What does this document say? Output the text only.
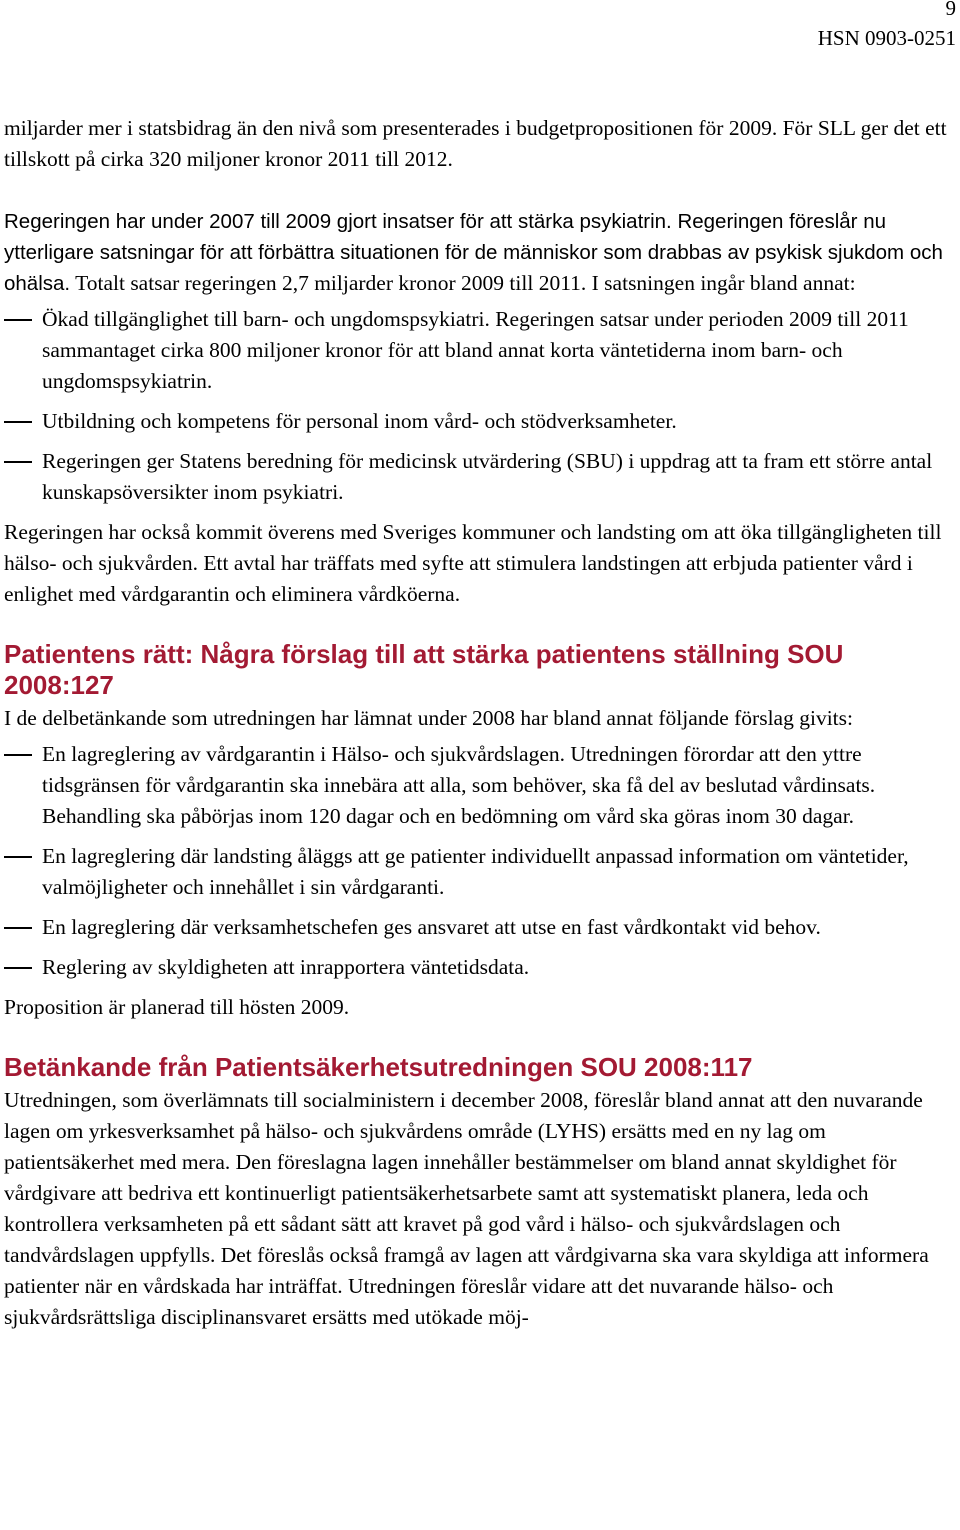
9
HSN 0903-0251

miljarder mer i statsbidrag än den nivå som presenterades i budgetpropositionen för 2009. För SLL ger det ett tillskott på cirka 320 miljoner kronor 2011 till 2012.

Regeringen har under 2007 till 2009 gjort insatser för att stärka psykiatrin. Regeringen föreslår nu ytterligare satsningar för att förbättra situationen för de människor som drabbas av psykisk sjukdom och ohälsa. Totalt satsar regeringen 2,7 miljarder kronor 2009 till 2011. I satsningen ingår bland annat:

Ökad tillgänglighet till barn- och ungdomspsykiatri. Regeringen satsar under perioden 2009 till 2011 sammantaget cirka 800 miljoner kronor för att bland annat korta väntetiderna inom barn- och ungdomspsykiatrin.
Utbildning och kompetens för personal inom vård- och stödverksamheter.
Regeringen ger Statens beredning för medicinsk utvärdering (SBU) i uppdrag att ta fram ett större antal kunskapsöversikter inom psykiatri.

Regeringen har också kommit överens med Sveriges kommuner och landsting om att öka tillgängligheten till hälso- och sjukvården. Ett avtal har träffats med syfte att stimulera landstingen att erbjuda patienter vård i enlighet med vårdgarantin och eliminera vårdköerna.

Patientens rätt: Några förslag till att stärka patientens ställning SOU 2008:127

I de delbetänkande som utredningen har lämnat under 2008 har bland annat följande förslag givits:

En lagreglering av vårdgarantin i Hälso- och sjukvårdslagen. Utredningen förordar att den yttre tidsgränsen för vårdgarantin ska innebära att alla, som behöver, ska få del av beslutad vårdinsats. Behandling ska påbörjas inom 120 dagar och en bedömning om vård ska göras inom 30 dagar.
En lagreglering där landsting åläggs att ge patienter individuellt anpassad information om väntetider, valmöjligheter och innehållet i sin vårdgaranti.
En lagreglering där verksamhetschefen ges ansvaret att utse en fast vårdkontakt vid behov.
Reglering av skyldigheten att inrapportera väntetidsdata.

Proposition är planerad till hösten 2009.

Betänkande från Patientsäkerhetsutredningen SOU 2008:117

Utredningen, som överlämnats till socialministern i december 2008, föreslår bland annat att den nuvarande lagen om yrkesverksamhet på hälso- och sjukvårdens område (LYHS) ersätts med en ny lag om patientsäkerhet med mera. Den föreslagna lagen innehåller bestämmelser om bland annat skyldighet för vårdgivare att bedriva ett kontinuerligt patientsäkerhetsarbete samt att systematiskt planera, leda och kontrollera verksamheten på ett sådant sätt att kravet på god vård i hälso- och sjukvårdslagen och tandvårdslagen uppfylls. Det föreslås också framgå av lagen att vårdgivarna ska vara skyldiga att informera patienter när en vårdskada har inträffat. Utredningen föreslår vidare att det nuvarande hälso- och sjukvårdsrättsliga disciplinansvaret ersätts med utökade möj-
